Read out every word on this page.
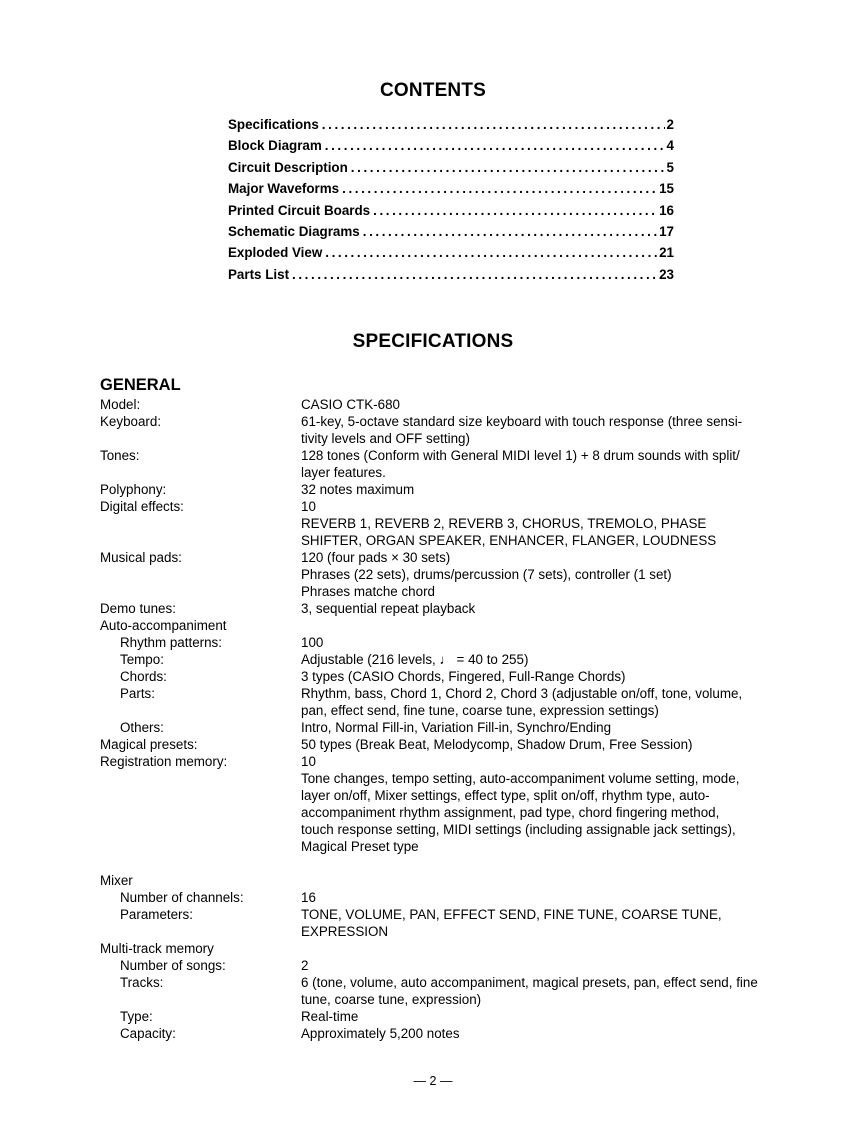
CONTENTS
Specifications .....	2
Block Diagram .....	4
Circuit Description .....	5
Major Waveforms .....	15
Printed Circuit Boards .....	16
Schematic Diagrams .....	17
Exploded View .....	21
Parts List .....	23
SPECIFICATIONS
GENERAL
Model:	CASIO CTK-680
Keyboard:	61-key, 5-octave standard size keyboard with touch response (three sensi-
tivity levels and OFF setting)
Tones:	128 tones (Conform with General MIDI level 1) + 8 drum sounds with split/
layer features.
Polyphony:	32 notes maximum
Digital effects:	10
REVERB 1, REVERB 2, REVERB 3, CHORUS, TREMOLO, PHASE
SHIFTER, ORGAN SPEAKER, ENHANCER, FLANGER, LOUDNESS
Musical pads:	120 (four pads × 30 sets)
Phrases (22 sets), drums/percussion (7 sets), controller (1 set)
Phrases matche chord
Demo tunes:	3, sequential repeat playback
Auto-accompaniment

Rhythm patterns:	100
Tempo:	Adjustable (216 levels, ♩ = 40 to 255)
Chords:	3 types (CASIO Chords, Fingered, Full-Range Chords)
Parts:	Rhythm, bass, Chord 1, Chord 2, Chord 3 (adjustable on/off, tone, volume,
pan, effect send, fine tune, coarse tune, expression settings)
Others:	Intro, Normal Fill-in, Variation Fill-in, Synchro/Ending
Magical presets:	50 types (Break Beat, Melodycomp, Shadow Drum, Free Session)
Registration memory:	10
Tone changes, tempo setting, auto-accompaniment volume setting, mode,
layer on/off, Mixer settings, effect type, split on/off, rhythm type, auto-
accompaniment rhythm assignment, pad type, chord fingering method,
touch response setting, MIDI settings (including assignable jack settings),
Magical Preset type
Mixer

Number of channels:	16
Parameters:	TONE, VOLUME, PAN, EFFECT SEND, FINE TUNE, COARSE TUNE,
EXPRESSION
Multi-track memory

Number of songs:	2
Tracks:	6 (tone, volume, auto accompaniment, magical presets, pan, effect send, fine
tune, coarse tune, expression)
Type:	Real-time
Capacity:	Approximately 5,200 notes
— 2 —
